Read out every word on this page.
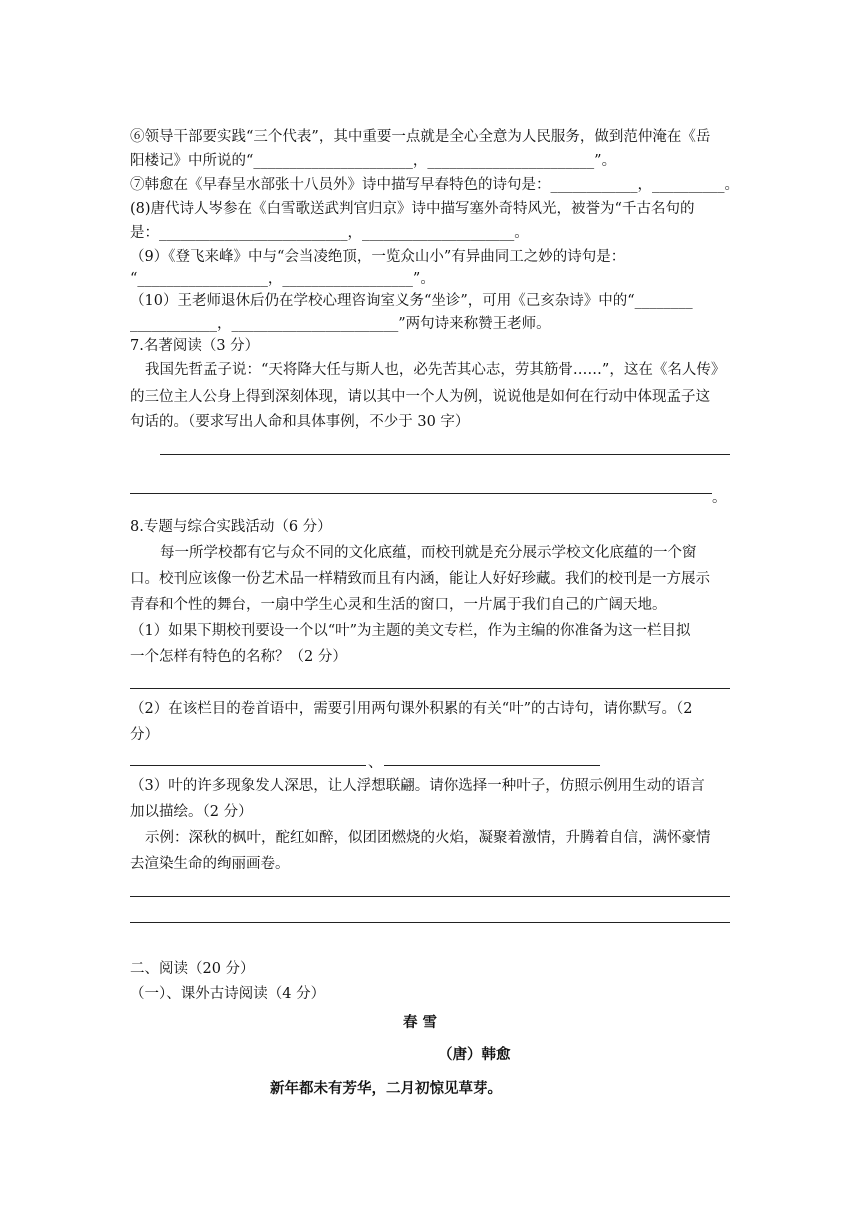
⑥领导干部要实践“三个代表”，其中重要一点就是全心全意为人民服务，做到范仲淹在《岳
阳楼记》中所说的“______________________，_______________________”。
⑦韩愈在《早春呈水部张十八员外》诗中描写早春特色的诗句是：____________，__________。
(8)唐代诗人岑参在《白雪歌送武判官归京》诗中描写塞外奇特风光，被誉为“千古名句的
是：__________________________，_____________________。
（9）《登飞来峰》中与“会当凌绝顶，一览众山小”有异曲同工之妙的诗句是：
“__________________，__________________”。
（10）王老师退休后仍在学校心理咨询室义务“坐诊”，可用《己亥杂诗》中的“________
____________，_______________________”两句诗来称赞王老师。
7.名著阅读（3 分）
我国先哲孟子说：“天将降大任与斯人也，必先苦其心志，劳其筋骨……”，这在《名人传》
的三位主人公身上得到深刻体现，请以其中一个人为例，说说他是如何在行动中体现孟子这
句话的。（要求写出人命和具体事例，不少于 30 字）
。
8.专题与综合实践活动（6 分）
每一所学校都有它与众不同的文化底蕴，而校刊就是充分展示学校文化底蕴的一个窗
口。校刊应该像一份艺术品一样精致而且有内涵，能让人好好珍藏。我们的校刊是一方展示
青春和个性的舞台，一扇中学生心灵和生活的窗口，一片属于我们自己的广阔天地。
（1）如果下期校刊要设一个以“叶”为主题的美文专栏，作为主编的你准备为这一栏目拟
一个怎样有特色的名称？（2 分）
（2）在该栏目的卷首语中，需要引用两句课外积累的有关“叶”的古诗句，请你默写。（2
分）
、
（3）叶的许多现象发人深思，让人浮想联翩。请你选择一种叶子，仿照示例用生动的语言
加以描绘。（2 分）
示例：深秋的枫叶，酡红如醉，似团团燃烧的火焰，凝聚着激情，升腾着自信，满怀豪情
去渲染生命的绚丽画卷。
二、阅读（20 分）
（一）、课外古诗阅读（4 分）
春 雪
（唐）韩愈
新年都未有芳华，二月初惊见草芽。
